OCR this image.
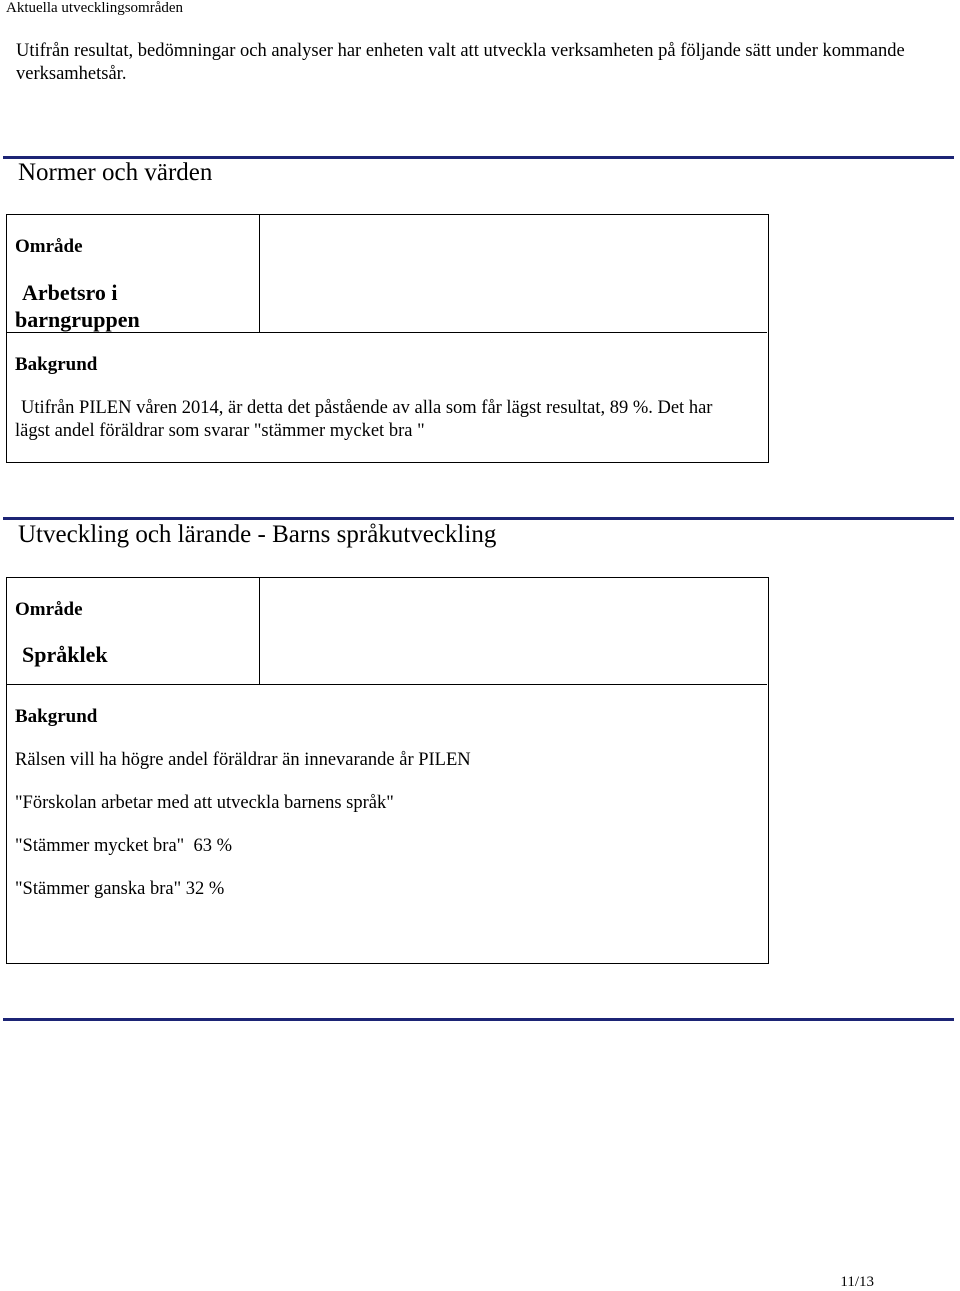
Aktuella utvecklingsområden
Utifrån resultat, bedömningar och analyser har enheten valt att utveckla verksamheten på följande sätt under kommande verksamhetsår.
Normer och värden
Område
Arbetsro i barngruppen
Bakgrund
Utifrån PILEN våren 2014, är detta det påstående av alla som får lägst resultat, 89 %. Det har lägst andel föräldrar som svarar "stämmer mycket bra "
Utveckling och lärande - Barns språkutveckling
Område
Språklek
Bakgrund
Rälsen vill ha högre andel föräldrar än innevarande år PILEN
"Förskolan arbetar med att utveckla barnens språk"
"Stämmer mycket bra"  63 %
"Stämmer ganska bra" 32 %
11/13
